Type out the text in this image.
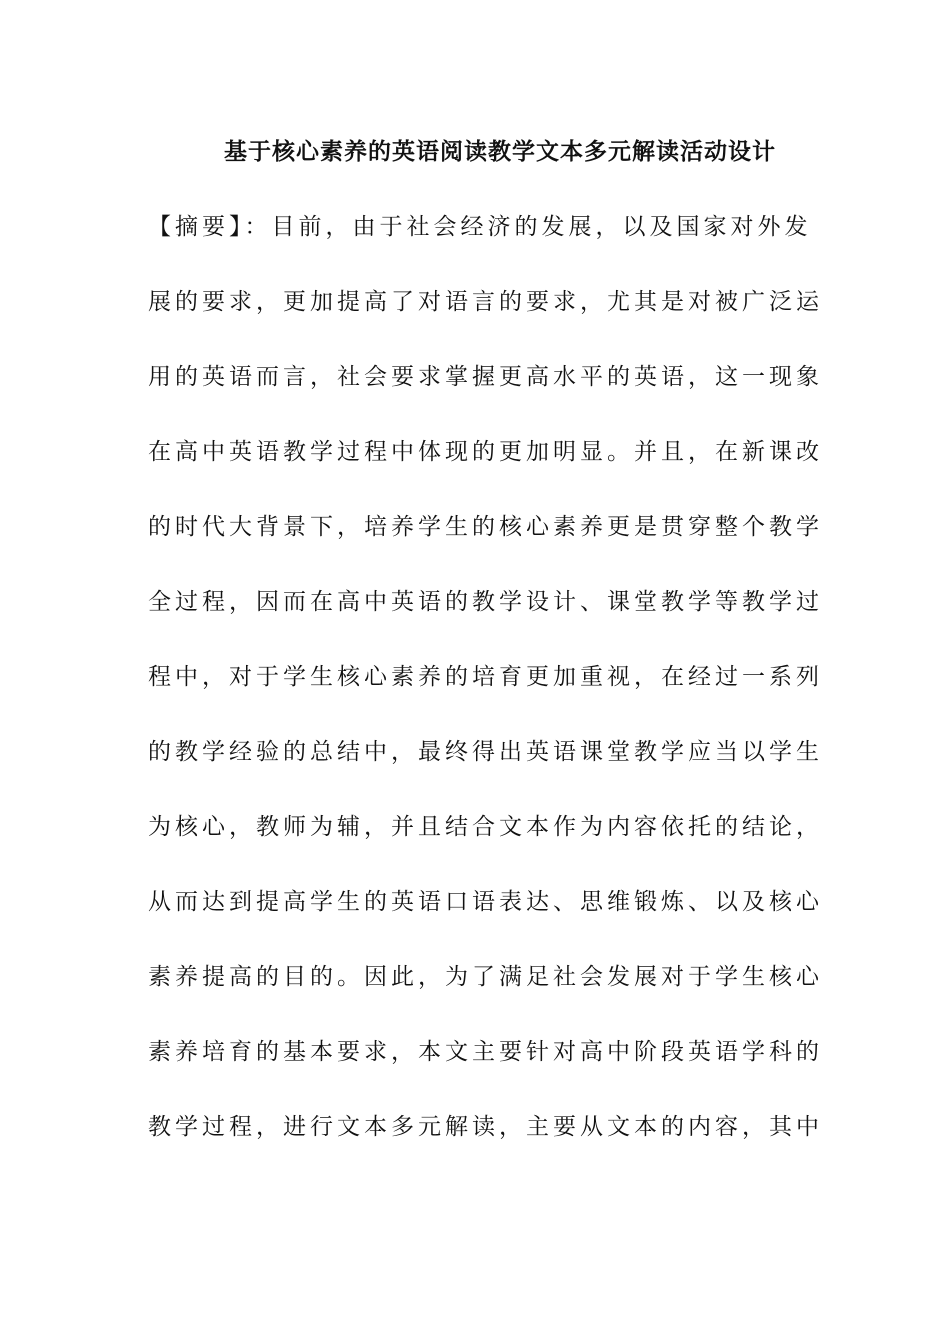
基于核心素养的英语阅读教学文本多元解读活动设计
【摘要】：目前，由于社会经济的发展，以及国家对外发
展的要求，更加提高了对语言的要求，尤其是对被广泛运
用的英语而言，社会要求掌握更高水平的英语，这一现象
在高中英语教学过程中体现的更加明显。并且，在新课改
的时代大背景下，培养学生的核心素养更是贯穿整个教学
全过程，因而在高中英语的教学设计、课堂教学等教学过
程中，对于学生核心素养的培育更加重视，在经过一系列
的教学经验的总结中，最终得出英语课堂教学应当以学生
为核心，教师为辅，并且结合文本作为内容依托的结论，
从而达到提高学生的英语口语表达、思维锻炼、以及核心
素养提高的目的。因此，为了满足社会发展对于学生核心
素养培育的基本要求，本文主要针对高中阶段英语学科的
教学过程，进行文本多元解读，主要从文本的内容，其中
